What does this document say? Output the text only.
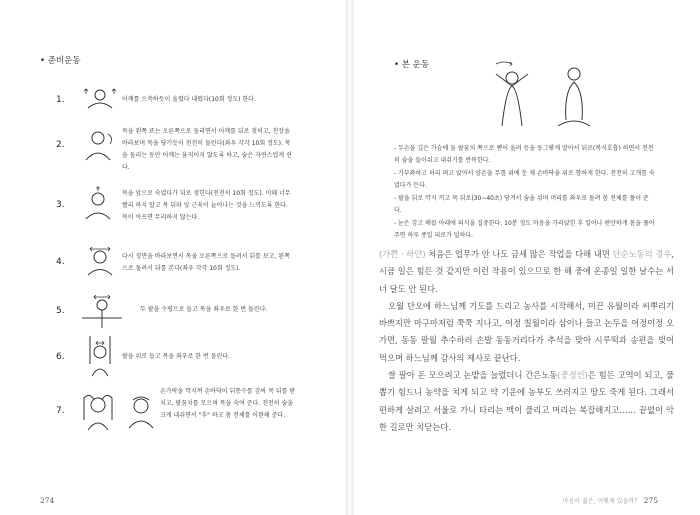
• 준비운동
1.	어깨를 으쓱하듯이 올렸다 내렸다(10회 정도) 한다.
2.
목을 왼쪽 또는 오른쪽으로 돌리면서 어깨를 뒤로 젖히고, 천장을 바라보며 목을 당기듯이 천천히 돌린다(좌우 각각 10회 정도). 목을 돌리는 동안 어깨는 움직이지 않도록 하고, 숨은 자연스럽게 쉰다.
3.
목을 앞으로 숙였다가 뒤로 젖힌다(천천히 10회 정도). 이때 너무 빨리 하지 말고 목 뒤와 앞 근육이 늘어나는 것을 느끼도록 한다. 목이 아프면 무리하지 않는다.
4.
다시 정면을 바라보면서 목을 오른쪽으로 돌려서 뒤를 보고, 왼쪽으로 돌려서 뒤를 본다(좌우 각각 10회 정도).
5.	두 팔을 수평으로 들고 목을 좌우로 한 번 돌린다.
6.	팔을 위로 들고 목을 좌우로 한 번 돌린다.
7.
손가락을 깍지껴 손바닥이 뒤통수를 감싸 목 뒤를 받치고, 팔꿈치를 모으며 목을 숙여 준다. 천천히 숨을 크게 내쉬면서 "후" 하고 몸 전체를 이완해 준다.
274
• 본 운동
- 두손을 깊은 가슴에 둘 팔꿈치 쪽으로 뻗어 올려 등을 동그랗게 말아서 뒤로(복식호흡) 하면서 천천히 숨을 들이쉬고 내쉬기를 반복한다.
- 가부좌하고 허리 펴고 앉아서 양손을 무릎 위에 둔 채 손바닥을 위로 향하게 한다. 천천히 고개를 숙였다가 든다.
- 팔을 뒤로 깍지 끼고 목 뒤로(30~40초) 당겨서 숨을 쉬며 머리를 좌우로 돌려 몸 전체를 풀어 준다.
- 눈은 감고 배꼽 아래에 의식을 집중한다. 10분 정도 마음을 가라앉힌 후 일어나 편안하게 몸을 풀어 주면 하루 종일 피로가 덜하다.

(가쁜 · 하얀) 처음은 업무가 안 나도 금세 많은 작업을 다해 내면 단순노동의 경우, 시큼 일은 힘든 것 같지만 이런 작용이 있으므로 한 해 중에 온종일 일한 날수는 서너 달도 안 된다.

오월 단오에 하느님께 기도를 드리고 농사를 시작해서, 미끈 유월이라 씨뿌리기 바쁘지만 마구마저럼 쭉쭉 지나고, 어정 칠월이라 삼이나 들고 논두을 어정이정 오가면, 동동 팔월 추수하러 손발 동동거리다가 추석을 맞아 시루떡과 송편을 빚어 먹으며 하느님께 감사의 제사로 끝난다.

쌀 팔아 돈 모으려고 논밭을 늘렸더니 간은노동(중정인)은 힘든 고역이 되고, 풀 뽑기 힘드니 농약을 치게 되고 약 기운에 농부도 쓰러지고 땅도 죽게 된다. 그래서 편하게 살려고 서울로 가니 타리는 맥이 풀리고 머리는 복잡해지고…… 끝없이 악한 길로만 치닫는다.

마음이 젊은, 어떻게 있을까? 275
